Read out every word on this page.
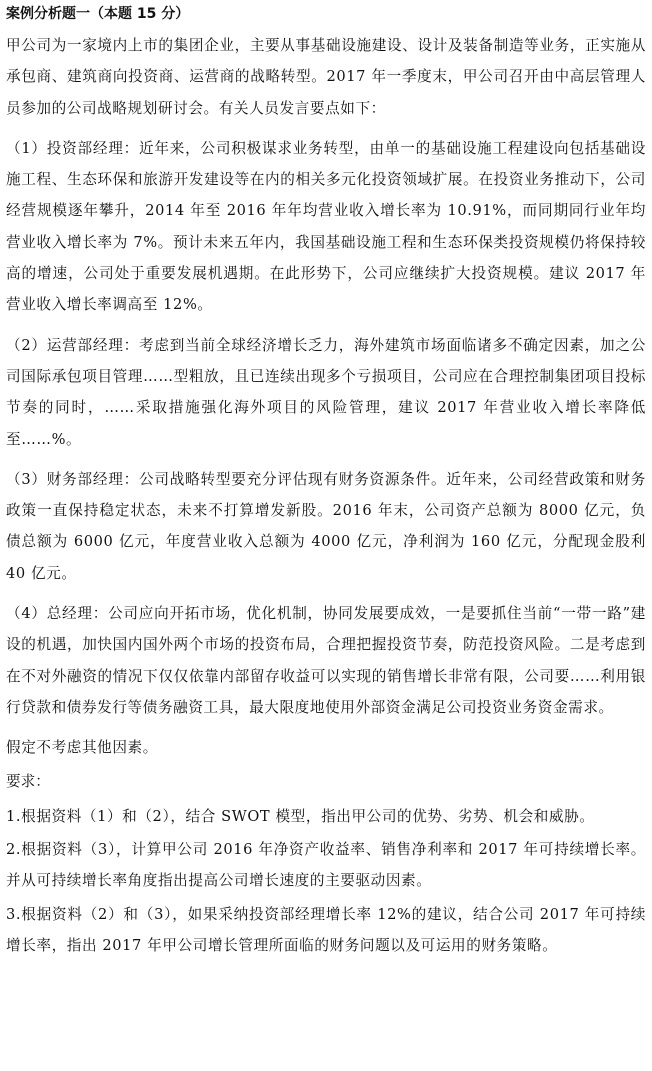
案例分析题一（本题 15 分）

甲公司为一家境内上市的集团企业，主要从事基础设施建设、设计及装备制造等业务，正实施从承包商、建筑商向投资商、运营商的战略转型。2017 年一季度末，甲公司召开由中高层管理人员参加的公司战略规划研讨会。有关人员发言要点如下：

（1）投资部经理：近年来，公司积极谋求业务转型，由单一的基础设施工程建设向包括基础设施工程、生态环保和旅游开发建设等在内的相关多元化投资领域扩展。在投资业务推动下，公司经营规模逐年攀升，2014 年至 2016 年年均营业收入增长率为 10.91%，而同期同行业年均营业收入增长率为 7%。预计未来五年内，我国基础设施工程和生态环保类投资规模仍将保持较高的增速，公司处于重要发展机遇期。在此形势下，公司应继续扩大投资规模。建议 2017 年营业收入增长率调高至 12%。

（2）运营部经理：考虑到当前全球经济增长乏力，海外建筑市场面临诸多不确定因素，加之公司国际承包项目管理……型粗放，且已连续出现多个亏损项目，公司应在合理控制集团项目投标节奏的同时，……采取措施强化海外项目的风险管理，建议 2017 年营业收入增长率降低至……%。

（3）财务部经理：公司战略转型要充分评估现有财务资源条件。近年来，公司经营政策和财务政策一直保持稳定状态，未来不打算增发新股。2016 年末，公司资产总额为 8000 亿元，负债总额为 6000 亿元，年度营业收入总额为 4000 亿元，净利润为 160 亿元，分配现金股利 40 亿元。

（4）总经理：公司应向开拓市场，优化机制，协同发展要成效，一是要抓住当前“一带一路”建设的机遇，加快国内国外两个市场的投资布局，合理把握投资节奏，防范投资风险。二是考虑到在不对外融资的情况下仅仅依靠内部留存收益可以实现的销售增长非常有限，公司要……利用银行贷款和债券发行等债务融资工具，最大限度地使用外部资金满足公司投资业务资金需求。

假定不考虑其他因素。

要求：

1.根据资料（1）和（2），结合 SWOT 模型，指出甲公司的优势、劣势、机会和威胁。

2.根据资料（3），计算甲公司 2016 年净资产收益率、销售净利率和 2017 年可持续增长率。并从可持续增长率角度指出提高公司增长速度的主要驱动因素。

3.根据资料（2）和（3），如果采纳投资部经理增长率 12%的建议，结合公司 2017 年可持续增长率，指出 2017 年甲公司增长管理所面临的财务问题以及可运用的财务策略。
